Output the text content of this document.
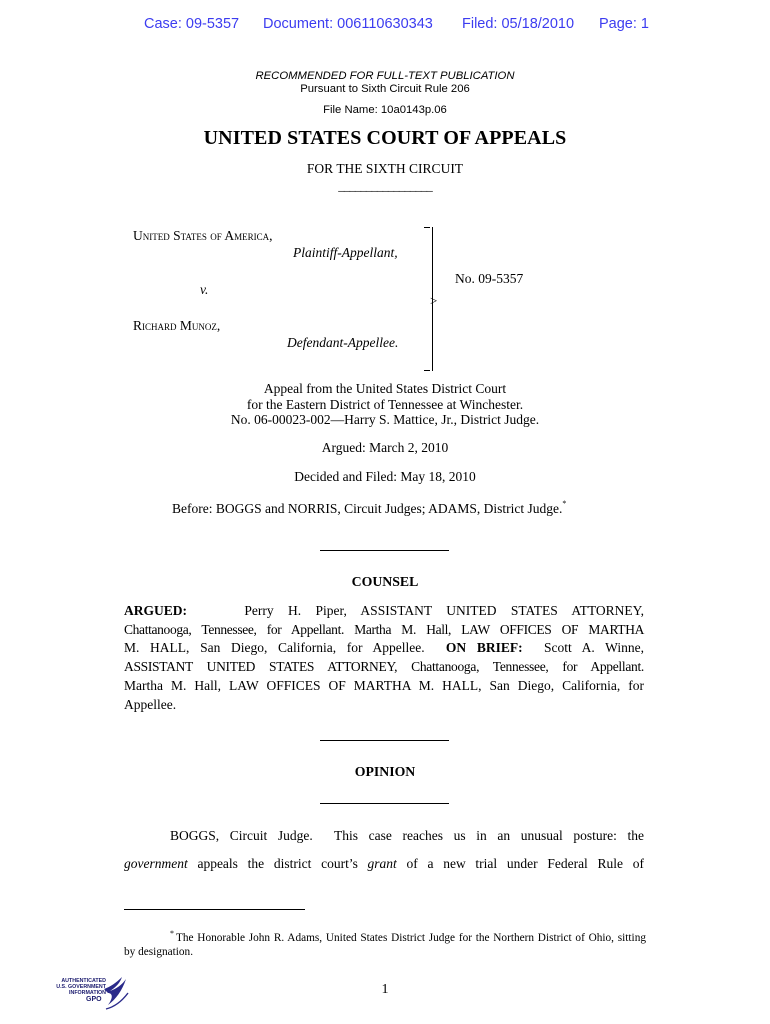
Case: 09-5357

Document: 006110630343

Filed: 05/18/2010

Page: 1

RECOMMENDED FOR FULL-TEXT PUBLICATION
Pursuant to Sixth Circuit Rule 206
File Name: 10a0143p.06
UNITED STATES COURT OF APPEALS
FOR THE SIXTH CIRCUIT
_________________
United States of America,
Plaintiff-Appellant,
v.
Richard Munoz,
Defendant-Appellee.
>
No. 09-5357
Appeal from the United States District Court
for the Eastern District of Tennessee at Winchester.
No. 06-00023-002—Harry S. Mattice, Jr., District Judge.
Argued: March 2, 2010
Decided and Filed: May 18, 2010
Before: BOGGS and NORRIS, Circuit Judges; ADAMS, District Judge.*
COUNSEL

ARGUED:	Perry H. Piper, ASSISTANT UNITED STATES ATTORNEY,

Chattanooga, Tennessee, for Appellant. Martha M. Hall, LAW OFFICES OF MARTHA

M. HALL, San Diego, California, for Appellee. ON BRIEF: Scott A. Winne,

ASSISTANT UNITED STATES ATTORNEY, Chattanooga, Tennessee, for Appellant.

Martha M. Hall, LAW OFFICES OF MARTHA M. HALL, San Diego, California, for

Appellee.

OPINION
BOGGS, Circuit Judge. This case reaches us in an unusual posture: the
government appeals the district court’s grant of a new trial under Federal Rule of
* The Honorable John R. Adams, United States District Judge for the Northern District of Ohio, sitting by designation.
1
AUTHENTICATED
U.S. GOVERNMENT
INFORMATION
GPO
